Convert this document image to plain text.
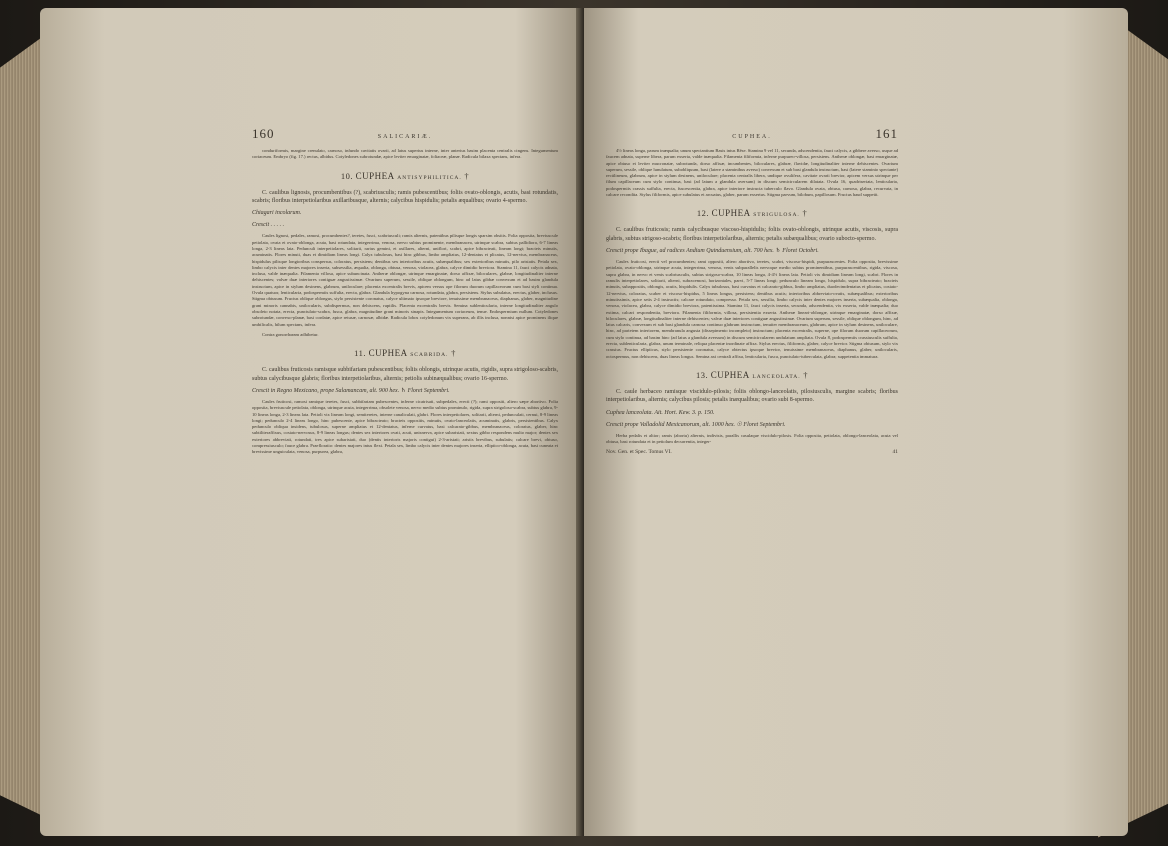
160	SALICARIÆ.

conduriformis, margine crenulato, carnoso, infundo cavitatis ovarii, ad latus superius interne, inter anterius basim placenta centralis cingens. Integumentum coriaceum. Embryo (fig. 17.) rectus, albidus. Cotyledones subrotundæ, apice leviter emarginatæ, foliaceæ, planæ. Radicula bilaxa spectans, infera.

10. CUPHEA ANTISYPHILITICA. †

C. caulibus lignosis, procumbentibus (?), scabriusculis; ramis pubescentibus; foliis ovato-oblongis, acutis, basi rotundatis, scabris; floribus interpetiolaribus axillaribusque, alternis; calycibus hispidulis; petalis æqualibus; ovario 4-spermo.

Chiagari incolarum.

Crescit . . . . .

Caules lignosi, pedales, ramosi, procumbentes?, teretes, fusci, scabriusculi; ramis alternis, patentibus pilisque longis sparsim obsitis. Folia opposita, breviuscule petiolata, ovata et ovato-oblonga, acuta, basi rotundata, integerrima, venosa, nervo subtus prominente, membranacea, utrinque scabra, subtus pallidiora, 6-7 lineas longa, 2-3 lineas lata. Pedunculi interpetiolares, solitarii, rarius gemini, et axillares, alterni, uniflori, scabri, apice bibracteati, lineam longi; bracteis minutis, acuminatis. Flores minuti, duas et dimidiam lineas longi. Calyx tubulosus, basi hinc gibbus, limbo ampliatus, 12-dentatus et plicatus, 12-nervius, membranaceus, hispidulus pilisque longioribus conspersus, coloratus, persistens; dentibus sex interioribus acutis, subæqualibus; sex exterioribus minutis, pilo aristatis. Petala sex, limbo calycis inter dentes majores inserta, subsessilia, æqualia, oblonga, obtusa, venosa, violacea, glabra, calyce dimidio breviora. Stamina 11, fauci calycis adnata, inclusa, valde inæqualia. Filamenta villosa, apice subuncinata. Antheræ oblongæ, utrinque emarginatæ, dorso affixæ, biloculares, glabræ, longitudinaliter interne dehiscentes; valvæ duæ interiores contiguæ angustissimæ. Ovarium superum, sessile, oblique oblongum, hinc ad latus gibbæ convexum et ad basim glandula instructum, apice in stylum desinens, glabrum, uniloculare; placenta excentralis brevis, apicem versus ope filorum duorum capillaceorum cum basi styli continua. Ovula quatuor, lenticularia, podospermiis suffulta, erecta, glabra. Glandula hypogyna carnosa, rotundata, glabra, persistens. Stylus subulatus, erectus, glaber, inclusus. Stigma obtusum. Fructus oblique oblongus, stylo persistente coronatus, calyce ultimato ipsoque breviore, tenuissime membranaceus, diaphanus, glaber, magnitudine grani minoris cannabis, unilocularis, subdispermus, non dehiscens, ruptilis. Placenta excentralis brevis. Semina sublenticularia, interne longitudinaliter angulo obsoleto notata, erecta, punctulato-scabra, fusca, glabra, magnitudine grani minoris sinapis. Integumentum coriaceum, tenue. Endospermium nullum. Cotyledones subrotundæ, convexo-planæ, basi cordatæ, apice retusæ, carnosæ, albidæ. Radicula lobos cotyledonum vix superans, ab illis inclusa, nonnisi apice prominens ilique umbilicalis, hilum spectans, infera.

Contra gonorrhœam adhibetur.

11. CUPHEA SCABRIDA. †

C. caulibus fruticosis ramisque subbifariam pubescentibus; foliis oblongis, utrinque acutis, rigidis, supra strigoloso-scabris, subtus calycibusque glabris; floribus interpetiolaribus, alternis; petiolis subinæqualibus; ovario 16-spermo.

Crescit in Regno Mexicano, prope Salamancam, alt. 900 hex. ♄ Floret Septembri.

Caules fruticosi, ramosi ramique teretes, fusci, subbifariam pubescentes, inferne cicatrisati, subpedales, erecti (?); rami oppositi, altero sæpe abortivo. Folia opposita, breviuscule petiolata, oblonga, utrinque acuta, integerrima, obsolete venosa, nervo medio subtus prominulo, rigida, supra strigoloso-scabra, subtus glabra, 9-10 lineas longa, 2-3 lineas lata. Petioli vix lineam longi, semiteretes, interne canaliculati, glabri. Flores interpetiolares, solitarii, alterni, pedunculati, cernui, 8-9 lineas longi; pedunculo 2-4 lineas longo, hinc pubescente, apice bibracteato; bracteis oppositis, minutis, ovato-lanceolatis, acuminatis, glabris, persistentibus. Calyx pedunculo obliqua insidens, tubulosus, superne ampliatus et 12-dentatus, inferne curvatus, basi calcarato-gibbus, membranaceus, coloratus, glaber, hinc subtiliteraffixus, costato-nervosus, 8-9 lineas longus; dentes sex interiores ovati, acuti, unisnerva, apice subaristati, sextus gibbo respondens multo major; dentes sex exteriores abbreviati, rotundati, tres apice subaristati, duo (dentis interioris majoris contigui) 2-3-aristati; aristis brevibus, subulatis; calcare brevi, obtuso, compressiusculo; fauce glabra. Praefloratio: dentes majores intus flexi. Petala sex, limbo calycis inter dentes majores inserta, elliptico-oblonga, acuta, basi cuneata et brevissime unguiculata, venosa, purpurea, glabra,

CUPHEA.	161

4½ lineas longa, parum inæqualia; unum spectantium Basis intus Rēse. Stamina 9 vel 11, secunda, adscendentia, fauci calycis, a gibbere averso, usque ad faucem adnata, superne libera, parum exserta, valde inæqualia. Filamenta filiformia, inferne purpureo-villosa, persistens. Antheræ oblongæ, basi emarginatæ, apice obtuso et leviter mucronatæ, subrotunda, dorso affixæ, incumbentes, biloculares, glabræ, flavidæ, longitudinaliter interne dehiscentes. Ovarium superum, sessile, oblique lunulatum, subobliquum, basi (latere a staminibus averso) convexum et sub basi glandula instructum, basi (latere staminio spectante) rectilineum, glabrum, apice in stylum desinens, uniloculare; placenta centralis libera, undique ovulifera, cavitate ovarii brevior, apicem versus utrinque per filum capillaceum cum stylo continua, basi (ad latum a glandula aversum) in discum semicircularem dilatata. Ovula 16, quadriseriata, lenticularia, podospermiis crassis suffulta, erecta, fuscescentia, glabra, apice interiore instructa tuberculo flavo. Glandula ovata, obtusa, carnosa, glabra, recurvata, in calcare recondita. Stylus filiformis, apice subulatus et arcuatus, glaber, parum exsertus. Stigma parvum, bilobum, papillosum. Fructus haud suppetit.

12. CUPHEA STRIGULOSA. †

C. caulibus fruticosis; ramis calycibusque viscoso-hispidulis; foliis ovato-oblongis, utrinque acutis, viscosis, supra glabris, subtus strigoso-scabris; floribus interpetiolaribus, alternis; petalis subæqualibus; ovario subocto-spermo.

Crescit prope Ibague, ad radices Andium Quinduensium, alt. 700 hex. ♄ Floret Octobri.

Caules fruticosi, erecti vel procumbentes; rami oppositi, altero abortivo, teretes, scabri, viscoso-hispidi, purpurascentes. Folia opposita, brevissime petiolata, ovato-oblonga, utrinque acuta, integerrima, venosa, venis subparallelis nervoque medio subtus prominentibus, purpurascentibus, rigida, viscosa, supra glabra, in nervo et venis scabriusculis, subtus strigoso-scabra, 10 lineas longa, 4-4½ lineas lata. Petioli vix dimidiam lineam longi, scabri. Flores in ramulis interpetiolares, solitarii, alterni, subracemosi, horizontales, parvi, 5-7 lineas longi; pedunculo lineam longo, hispidulo, supra bibracteato; bracteis minutis, subappositis, oblongis, acutis, hispidulis. Calyx tubulosus, basi curvatus et calcarato-gibbus, limbo ampliatus, duodecimdentatus et plicatus, costato-12-nervius, coloratus, scaber et viscoso-hispidus, 5 lineas longus, persistens; dentibus acutis; interioribus abbreviato-ovatis, subæqualibus; exterioribus minutissimis, apice setis 2-4 instructis; calcare rotundato, compresso. Petala sex, sessilia, limbo calycis inter dentes majores inserta, subæqualia, oblonga, venosa, violacea, glabra, calyce dimidio breviora, patentissima. Stamina 11, fauci calycis inserta, secunda, adscendentia, vix exserta, valde inæqualia; duo extima, calcari respondentia, breviora. Filamenta filiformia, villosa, persistentia exserta. Antheræ lineari-oblongæ, utrinque emarginatæ, dorso affixæ, biloculares, glabræ, longitudinaliter interne dehiscentes; valvæ duæ interiores contiguæ angustissimæ. Ovarium superum, sessile, oblique oblongum, hinc, ad latus calcaris, convexum et sub basi glandula carnosa continuo glabrum instructum, tenuiter membranaceum, glabrum, apice in stylum desinens, uniloculare, hinc, ad parietem interiorem, membranula angusta (dissepimento incompleto) instructum; placenta excentralis, superne, ope filorum duorum capillaceorum, cum stylo continua, ad basim hinc (ad latus a glandula aversum) in discum semicircularem undulatum ampliata. Ovula 8, podospermiis crassiusculis suffulta, erecta, sublenticularia, glabra, unum terminale, reliqua placentæ inordinate affixa. Stylus erectus, filiformis, glaber, calyce brevior. Stigma obtusum, stylo vix crassius. Fructus ellipticus, stylo persistente coronatus, calyce obtectus ipsoque brevior, tenuissime membranaceus, diaphanus, glaber, unilocularis, octospermus, non dehiscens, duas lineas longus. Semina axi centrali affixa, lenticularia, fusca, punctulato-tuberculata, glabra; suppetentia immatura.

13. CUPHEA LANCEOLATA. †

C. caule herbaceo ramisque viscidulo-pilosis; foliis oblongo-lanceolatis, pilosiusculis, margine scabris; floribus interpetiolaribus, alternis; calycibus pilosis; petalis inæqualibus; ovario subi 8-spermo.

Cuphea lanceolata. Ait. Hort. Kew. 3. p. 150.

Crescit prope Valladolid Mexicanorum, alt. 1000 hex. ☉ Floret Septembri.

Herba pedalis et altior; ramis (abortu) alternis, indivisis, parallis casulaque viscidulo-pilosis. Folia opposita, petiolata, oblongo-lanceolata, acuta vel obtusa, basi rotundata et in petiolum decurrentia, integer-

Nov. Gen. et Spec. Tomus VI.	41
